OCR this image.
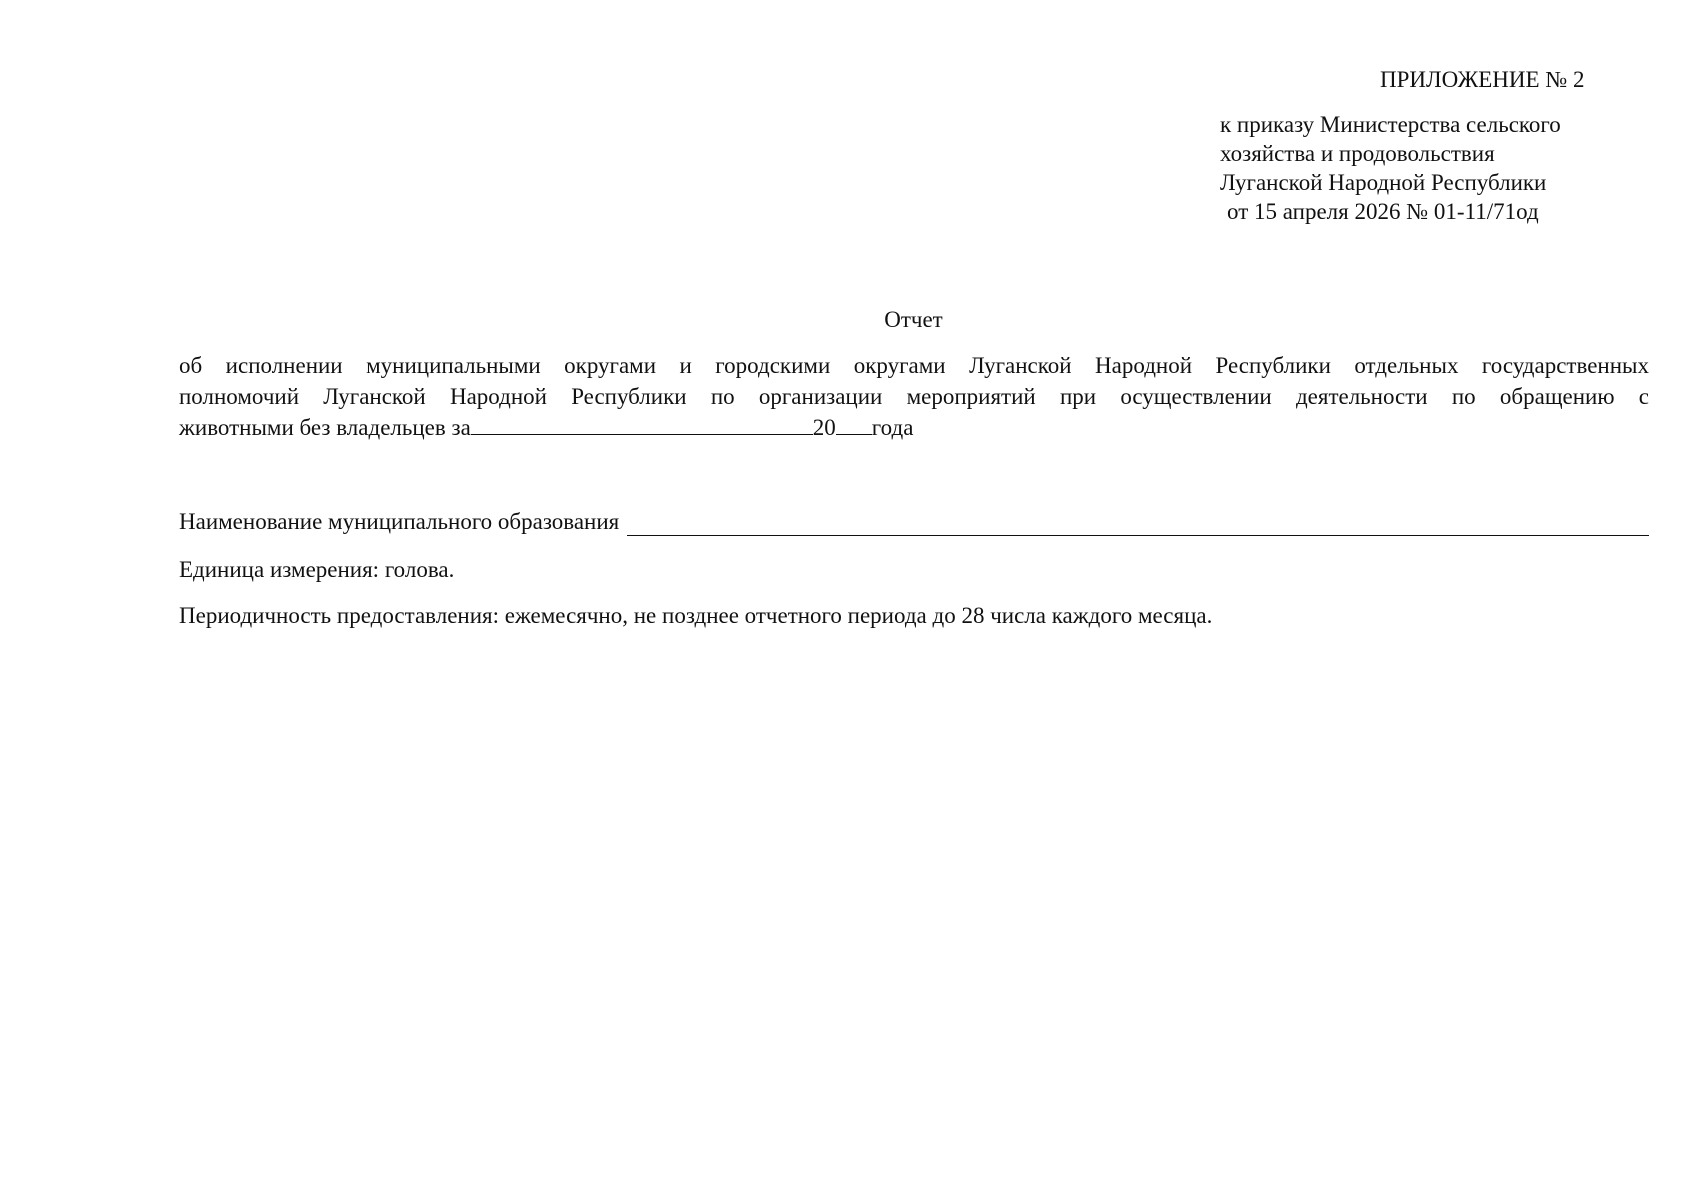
ПРИЛОЖЕНИЕ № 2
к приказу Министерства сельского
хозяйства и продовольствия
Луганской Народной Республики
от 15 апреля 2026 № 01-11/71од
Отчет
об исполнении муниципальными округами и городскими округами Луганской Народной Республики отдельных государственных
полномочий Луганской Народной Республики по организации мероприятий при осуществлении деятельности по обращению с
животными без владельцев за	20 года
Наименование муниципального образования
Единица измерения: голова.
Периодичность предоставления: ежемесячно, не позднее отчетного периода до 28 числа каждого месяца.
